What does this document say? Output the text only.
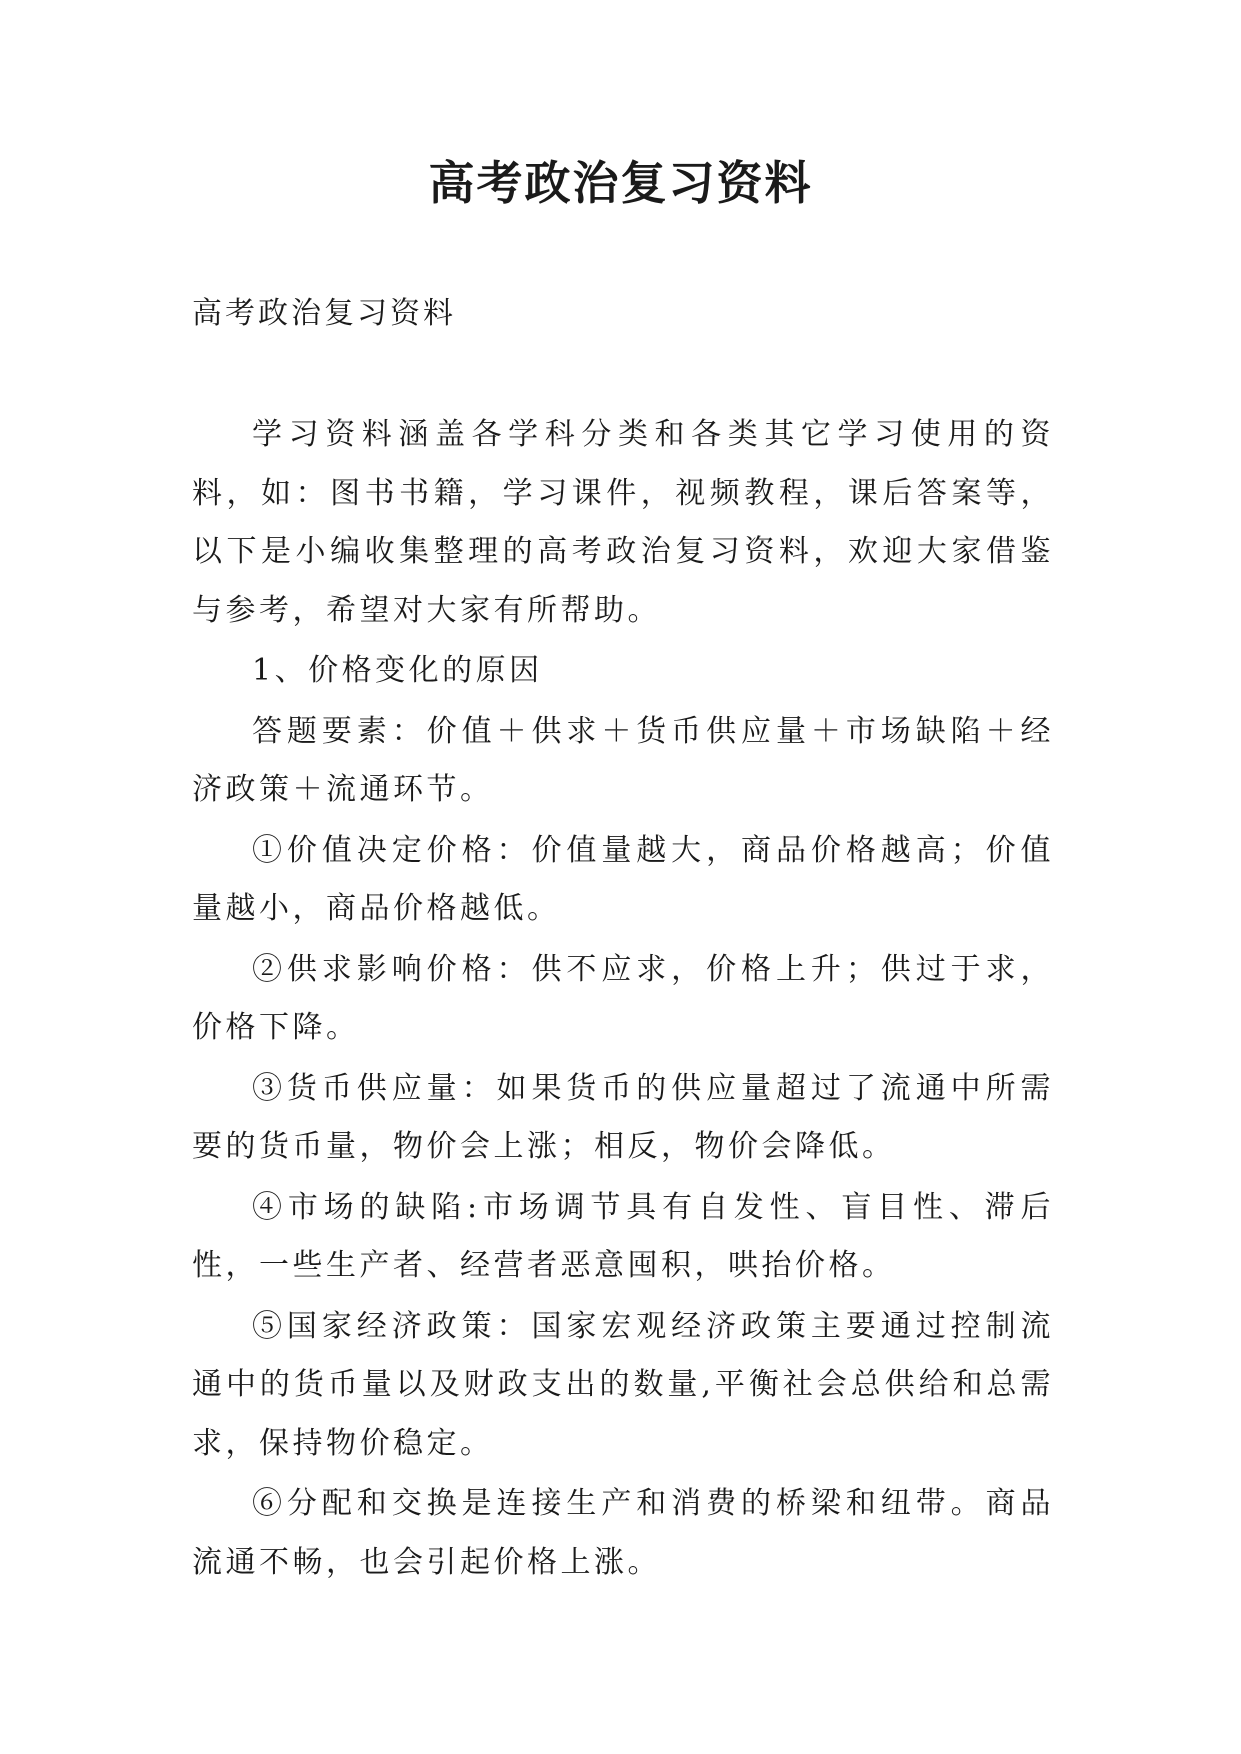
高考政治复习资料
高考政治复习资料

学习资料涵盖各学科分类和各类其它学习使用的资料，如：图书书籍，学习课件，视频教程，课后答案等，以下是小编收集整理的高考政治复习资料，欢迎大家借鉴与参考，希望对大家有所帮助。

1、价格变化的原因

答题要素：价值＋供求＋货币供应量＋市场缺陷＋经济政策＋流通环节。

①价值决定价格：价值量越大，商品价格越高；价值量越小，商品价格越低。

②供求影响价格：供不应求，价格上升；供过于求，价格下降。

③货币供应量：如果货币的供应量超过了流通中所需要的货币量，物价会上涨；相反，物价会降低。

④市场的缺陷:市场调节具有自发性、盲目性、滞后性，一些生产者、经营者恶意囤积，哄抬价格。

⑤国家经济政策：国家宏观经济政策主要通过控制流通中的货币量以及财政支出的数量,平衡社会总供给和总需求，保持物价稳定。

⑥分配和交换是连接生产和消费的桥梁和纽带。商品流通不畅，也会引起价格上涨。
